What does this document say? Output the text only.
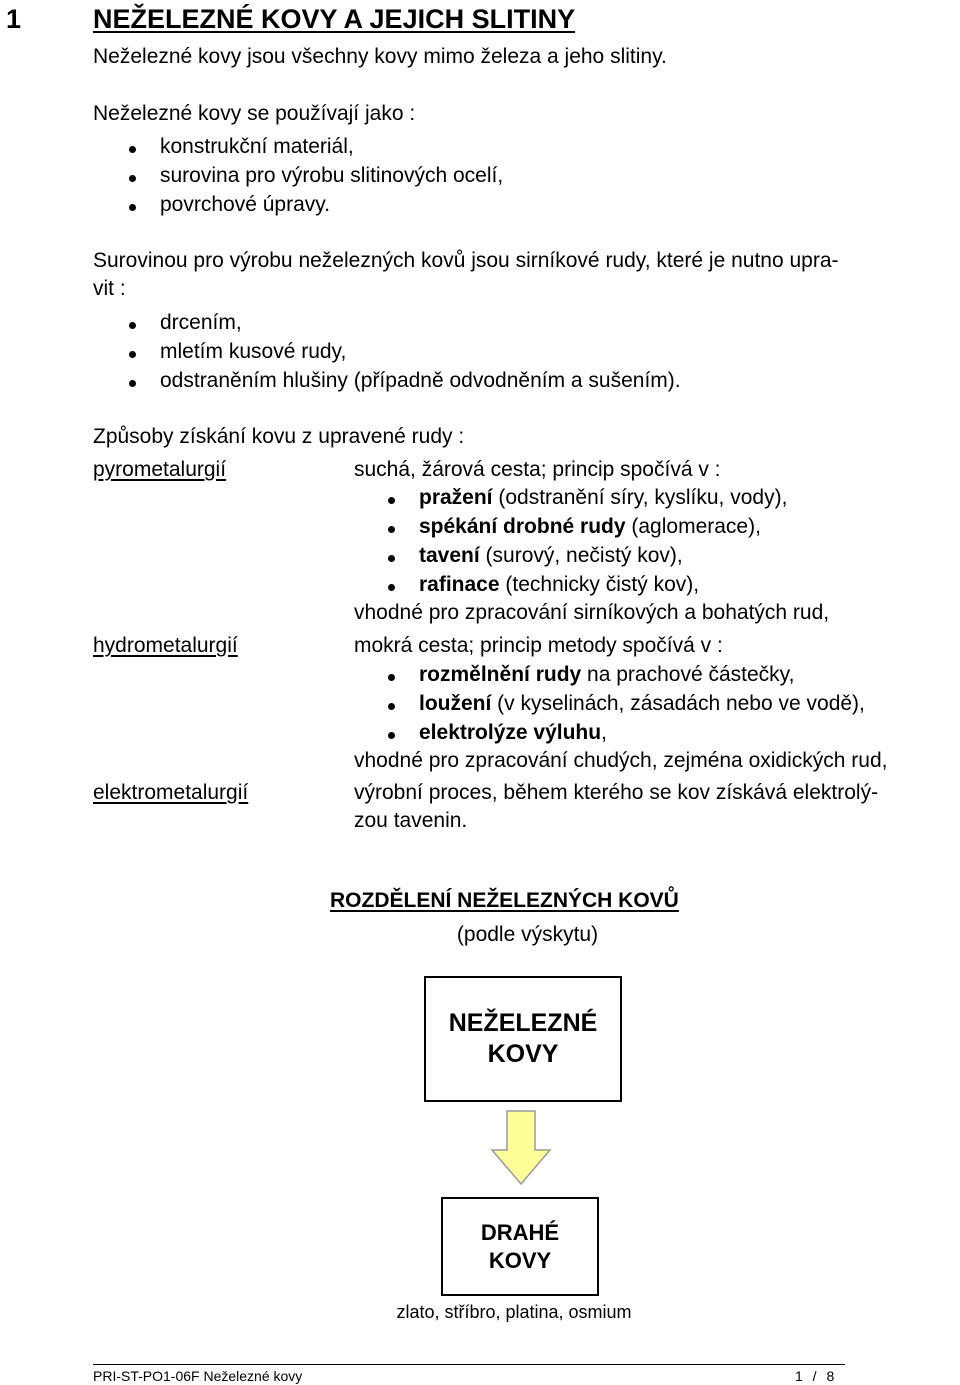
1	NEŽELEZNÉ KOVY A JEJICH SLITINY
Neželezné kovy jsou všechny kovy mimo železa a jeho slitiny.
Neželezné kovy se používají jako :
konstrukční materiál,
surovina pro výrobu slitinových ocelí,
povrchové úpravy.
Surovinou pro výrobu neželezných kovů jsou sirníkové rudy, které je nutno upra-
vit :
drcením,
mletím kusové rudy,
odstraněním hlušiny (případně odvodněním a sušením).
Způsoby získání kovu z upravené rudy :
pyrometalurgií	suchá, žárová cesta; princip spočívá v :
pražení (odstranění síry, kyslíku, vody),
spékání drobné rudy (aglomerace),
tavení (surový, nečistý kov),
rafinace (technicky čistý kov),
vhodné pro zpracování sirníkových a bohatých rud,
hydrometalurgií	mokrá cesta; princip metody spočívá v :
rozmělnění rudy na prachové částečky,
loužení (v kyselinách, zásadách nebo ve vodě),
elektrolýze výluhu,
vhodné pro zpracování chudých, zejména oxidických rud,
elektrometalurgií	výrobní proces, během kterého se kov získává elektrolý-
zou tavenin.
ROZDĚLENÍ NEŽELEZNÝCH KOVŮ
(podle výskytu)
NEŽELEZNÉ
KOVY
DRAHÉ
KOVY
zlato, stříbro, platina, osmium
PRI-ST-PO1-06F Neželezné kovy	1 / 8
